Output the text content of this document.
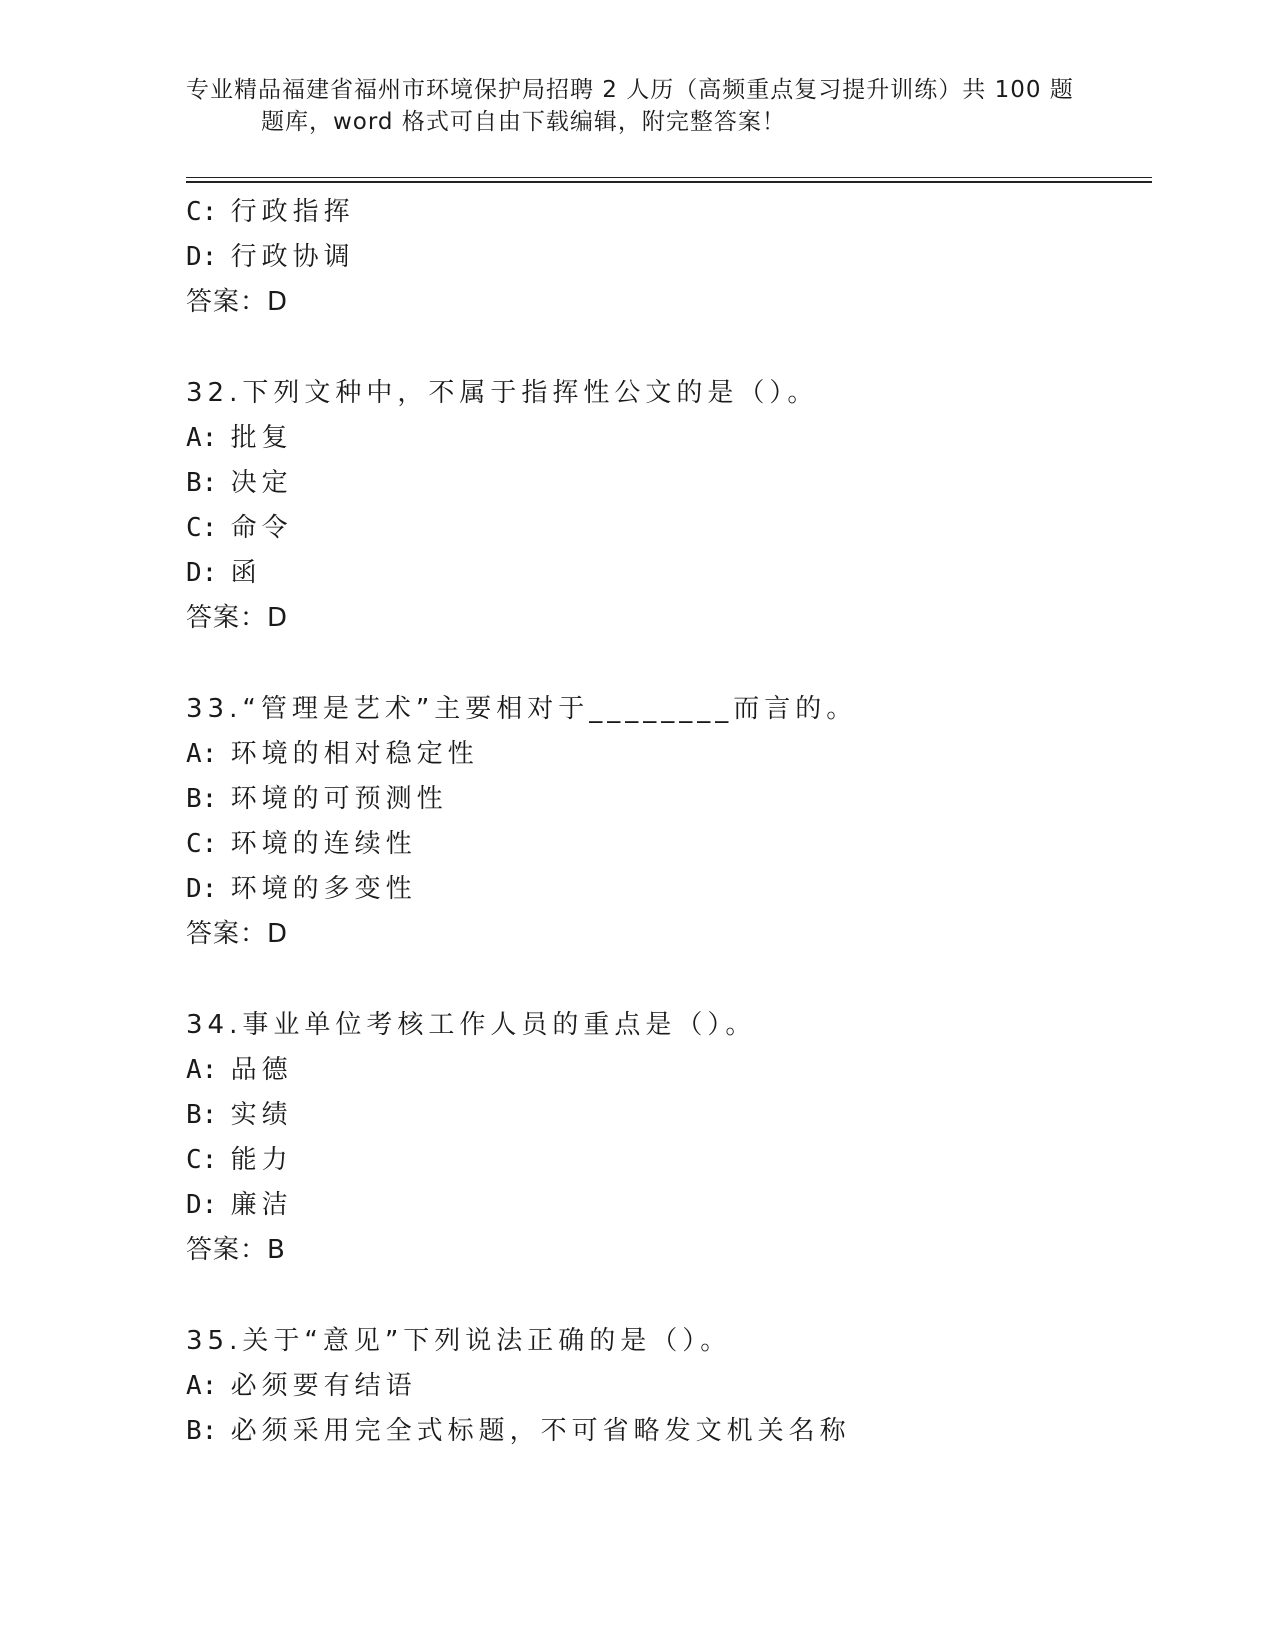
专业精品福建省福州市环境保护局招聘 2 人历（高频重点复习提升训练）共 100 题
题库，word 格式可自由下载编辑，附完整答案！
C: 行政指挥
D: 行政协调
答案：D
32.下列文种中，不属于指挥性公文的是（）。
A: 批复
B: 决定
C: 命令
D: 函
答案：D
33.“管理是艺术”主要相对于________而言的。
A: 环境的相对稳定性
B: 环境的可预测性
C: 环境的连续性
D: 环境的多变性
答案：D
34.事业单位考核工作人员的重点是（）。
A: 品德
B: 实绩
C: 能力
D: 廉洁
答案：B
35.关于“意见”下列说法正确的是（）。
A: 必须要有结语
B: 必须采用完全式标题，不可省略发文机关名称
